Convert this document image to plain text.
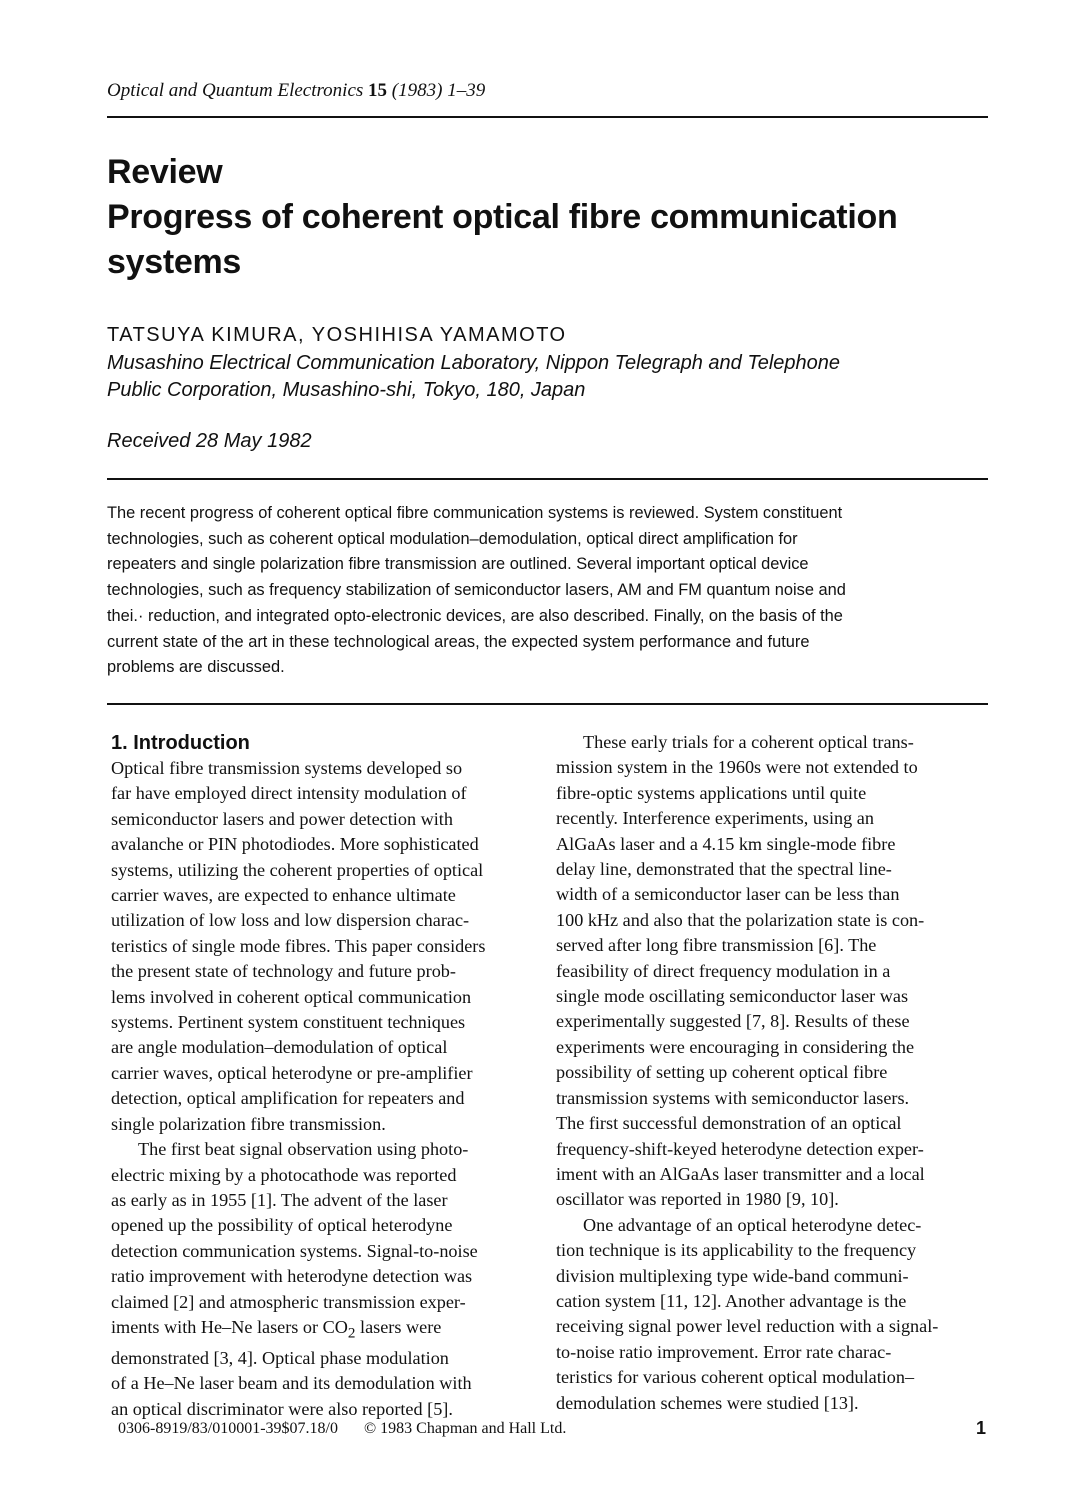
Optical and Quantum Electronics 15 (1983) 1–39
Review
Progress of coherent optical fibre communication
systems
TATSUYA KIMURA, YOSHIHISA YAMAMOTO
Musashino Electrical Communication Laboratory, Nippon Telegraph and Telephone
Public Corporation, Musashino-shi, Tokyo, 180, Japan
Received 28 May 1982
The recent progress of coherent optical fibre communication systems is reviewed. System constituent
technologies, such as coherent optical modulation–demodulation, optical direct amplification for
repeaters and single polarization fibre transmission are outlined. Several important optical device
technologies, such as frequency stabilization of semiconductor lasers, AM and FM quantum noise and
thei.· reduction, and integrated opto-electronic devices, are also described. Finally, on the basis of the
current state of the art in these technological areas, the expected system performance and future
problems are discussed.
1. Introduction
Optical fibre transmission systems developed so
far have employed direct intensity modulation of
semiconductor lasers and power detection with
avalanche or PIN photodiodes. More sophisticated
systems, utilizing the coherent properties of optical
carrier waves, are expected to enhance ultimate
utilization of low loss and low dispersion charac-
teristics of single mode fibres. This paper considers
the present state of technology and future prob-
lems involved in coherent optical communication
systems. Pertinent system constituent techniques
are angle modulation–demodulation of optical
carrier waves, optical heterodyne or pre-amplifier
detection, optical amplification for repeaters and
single polarization fibre transmission.
The first beat signal observation using photo-
electric mixing by a photocathode was reported
as early as in 1955 [1]. The advent of the laser
opened up the possibility of optical heterodyne
detection communication systems. Signal-to-noise
ratio improvement with heterodyne detection was
claimed [2] and atmospheric transmission exper-
iments with He–Ne lasers or $CO_2$ lasers were
demonstrated [3, 4]. Optical phase modulation
of a He–Ne laser beam and its demodulation with
an optical discriminator were also reported [5].
These early trials for a coherent optical trans-
mission system in the 1960s were not extended to
fibre-optic systems applications until quite
recently. Interference experiments, using an
AlGaAs laser and a 4.15 km single-mode fibre
delay line, demonstrated that the spectral line-
width of a semiconductor laser can be less than
100 kHz and also that the polarization state is con-
served after long fibre transmission [6]. The
feasibility of direct frequency modulation in a
single mode oscillating semiconductor laser was
experimentally suggested [7, 8]. Results of these
experiments were encouraging in considering the
possibility of setting up coherent optical fibre
transmission systems with semiconductor lasers.
The first successful demonstration of an optical
frequency-shift-keyed heterodyne detection exper-
iment with an AlGaAs laser transmitter and a local
oscillator was reported in 1980 [9, 10].
One advantage of an optical heterodyne detec-
tion technique is its applicability to the frequency
division multiplexing type wide-band communi-
cation system [11, 12]. Another advantage is the
receiving signal power level reduction with a signal-
to-noise ratio improvement. Error rate charac-
teristics for various coherent optical modulation–
demodulation schemes were studied [13].
0306-8919/83/010001-39$07.18/0 © 1983 Chapman and Hall Ltd.	1
